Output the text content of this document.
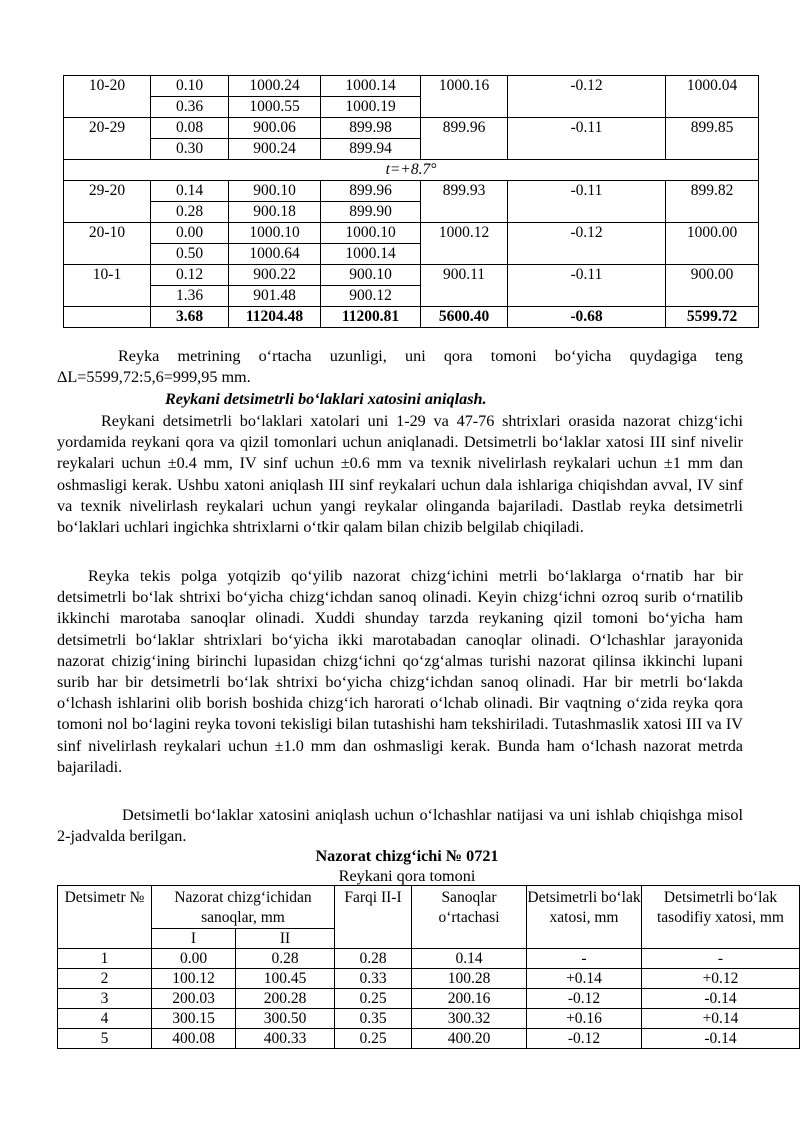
10-20	0.10	1000.24	1000.14	1000.16	-0.12	1000.04
	0.36	1000.55	1000.19			
20-29	0.08	900.06	899.98	899.96	-0.11	899.85
	0.30	900.24	899.94			
t=+8.7°						
29-20	0.14	900.10	899.96	899.93	-0.11	899.82
	0.28	900.18	899.90			
20-10	0.00	1000.10	1000.10	1000.12	-0.12	1000.00
	0.50	1000.64	1000.14			
10-1	0.12	900.22	900.10	900.11	-0.11	900.00
	1.36	901.48	900.12			
	3.68	11204.48	11200.81	5600.40	-0.68	5599.72

Reyka metrining o‘rtacha uzunligi, uni qora tomoni bo‘yicha quydagiga teng ΔL=5599,72:5,6=999,95 mm.

Reykani detsimetrli bo‘laklari xatosini aniqlash.

Reykani detsimetrli bo‘laklari xatolari uni 1-29 va 47-76 shtrixlari orasida nazorat chizg‘ichi yordamida reykani qora va qizil tomonlari uchun aniqlanadi. Detsimetrli bo‘laklar xatosi III sinf nivelir reykalari uchun ±0.4 mm, IV sinf uchun ±0.6 mm va texnik nivelirlash reykalari uchun ±1 mm dan oshmasligi kerak. Ushbu xatoni aniqlash III sinf reykalari uchun dala ishlariga chiqishdan avval, IV sinf va texnik nivelirlash reykalari uchun yangi reykalar olinganda bajariladi. Dastlab reyka detsimetrli bo‘laklari uchlari ingichka shtrixlarni o‘tkir qalam bilan chizib belgilab chiqiladi.

Reyka tekis polga yotqizib qo‘yilib nazorat chizg‘ichini metrli bo‘laklarga o‘rnatib har bir detsimetrli bo‘lak shtrixi bo‘yicha chizg‘ichdan sanoq olinadi. Keyin chizg‘ichni ozroq surib o‘rnatilib ikkinchi marotaba sanoqlar olinadi. Xuddi shunday tarzda reykaning qizil tomoni bo‘yicha ham detsimetrli bo‘laklar shtrixlari bo‘yicha ikki marotabadan canoqlar olinadi. O‘lchashlar jarayonida nazorat chizig‘ining birinchi lupasidan chizg‘ichni qo‘zg‘almas turishi nazorat qilinsa ikkinchi lupani surib har bir detsimetrli bo‘lak shtrixi bo‘yicha chizg‘ichdan sanoq olinadi. Har bir metrli bo‘lakda o‘lchash ishlarini olib borish boshida chizg‘ich harorati o‘lchab olinadi. Bir vaqtning o‘zida reyka qora tomoni nol bo‘lagini reyka tovoni tekisligi bilan tutashishi ham tekshiriladi. Tutashmaslik xatosi III va IV sinf nivelirlash reykalari uchun ±1.0 mm dan oshmasligi kerak. Bunda ham o‘lchash nazorat metrda bajariladi.

Detsimetli bo‘laklar xatosini aniqlash uchun o‘lchashlar natijasi va uni ishlab chiqishga misol 2-jadvalda berilgan.

Nazorat chizg‘ichi № 0721
Reykani qora tomoni
Detsimetr №	Nazorat chizg‘ichidan sanoqlar, mm		Farqi II-I	Sanoqlar o‘rtachasi	Detsimetrli bo‘lak xatosi, mm	Detsimetrli bo‘lak tasodifiy xatosi, mm
	I	II				
1	0.00	0.28	0.28	0.14	-	-
2	100.12	100.45	0.33	100.28	+0.14	+0.12
3	200.03	200.28	0.25	200.16	-0.12	-0.14
4	300.15	300.50	0.35	300.32	+0.16	+0.14
5	400.08	400.33	0.25	400.20	-0.12	-0.14
